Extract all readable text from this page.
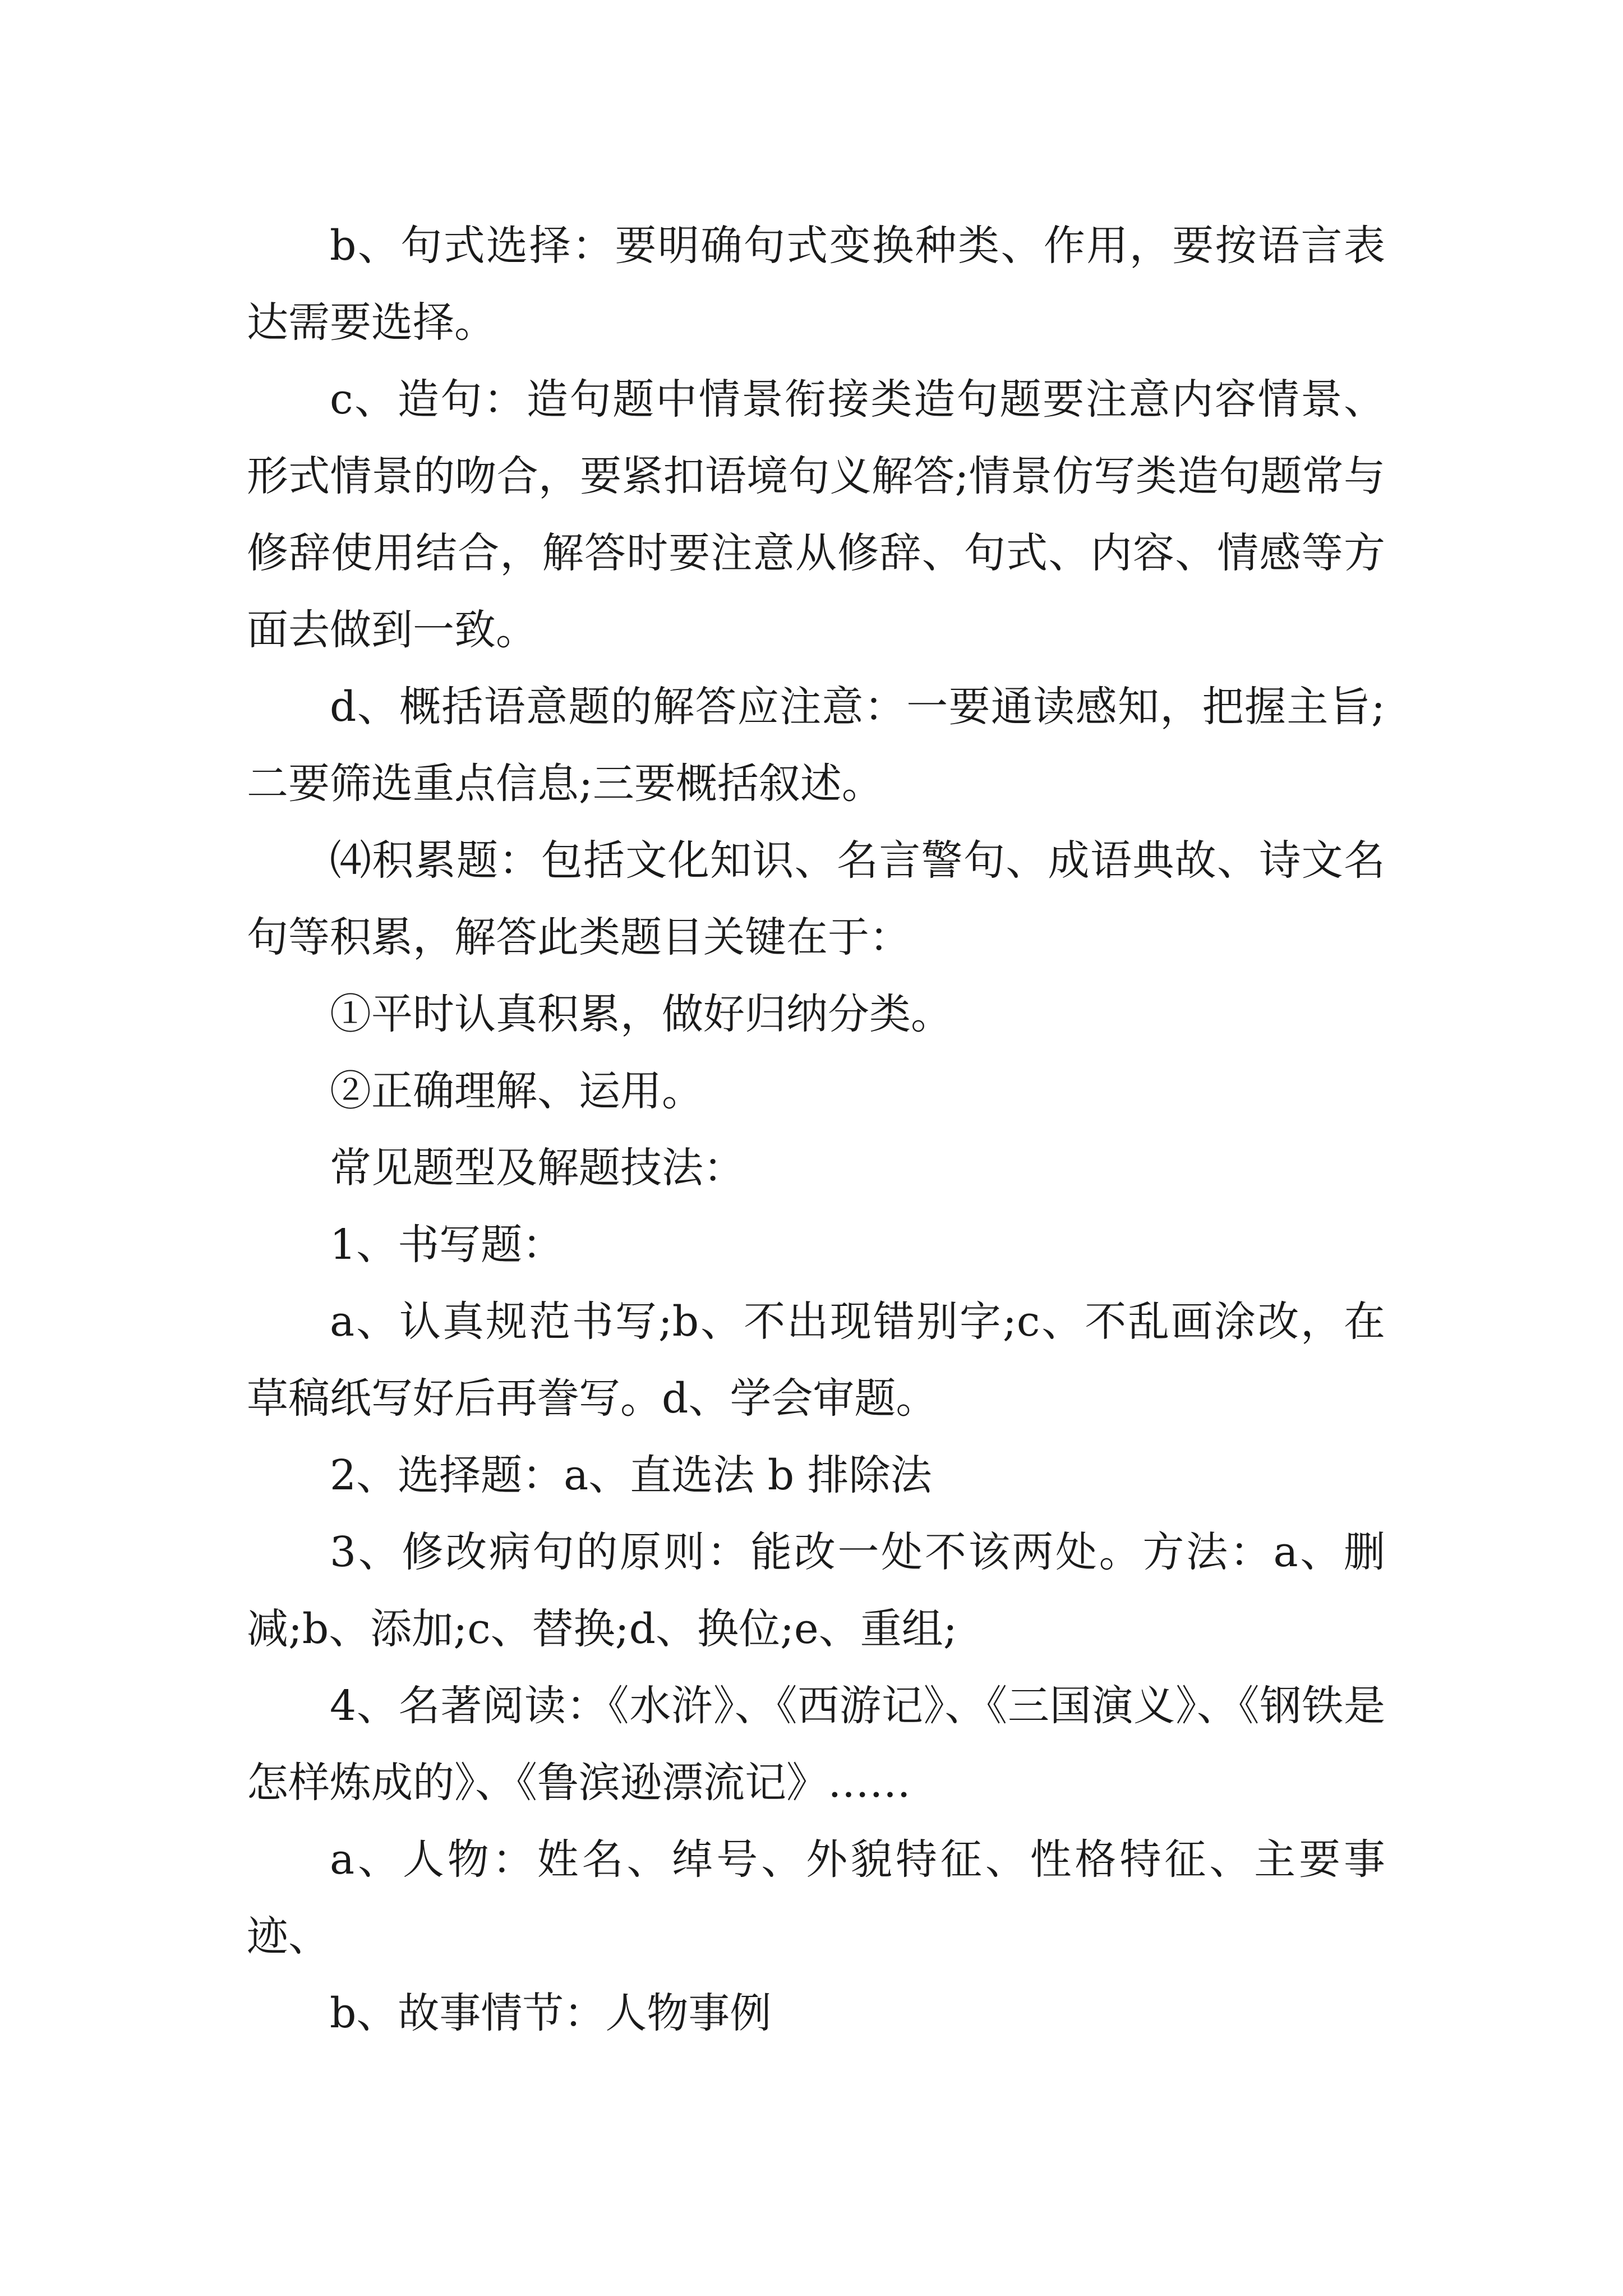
b、句式选择：要明确句式变换种类、作用，要按语言表达需要选择。

c、造句：造句题中情景衔接类造句题要注意内容情景、形式情景的吻合，要紧扣语境句义解答;情景仿写类造句题常与修辞使用结合，解答时要注意从修辞、句式、内容、情感等方面去做到一致。

d、概括语意题的解答应注意：一要通读感知，把握主旨;二要筛选重点信息;三要概括叙述。

⑷积累题：包括文化知识、名言警句、成语典故、诗文名句等积累，解答此类题目关键在于：

①平时认真积累，做好归纳分类。

②正确理解、运用。

常见题型及解题技法：

1、书写题：

a、认真规范书写;b、不出现错别字;c、不乱画涂改，在草稿纸写好后再誊写。d、学会审题。

2、选择题：a、直选法 b 排除法

3、修改病句的原则：能改一处不该两处。方法：a、删减;b、添加;c、替换;d、换位;e、重组;

4、名著阅读：《水浒》、《西游记》、《三国演义》、《钢铁是怎样炼成的》、《鲁滨逊漂流记》……

a、人物：姓名、绰号、外貌特征、性格特征、主要事迹、

b、故事情节：人物事例
